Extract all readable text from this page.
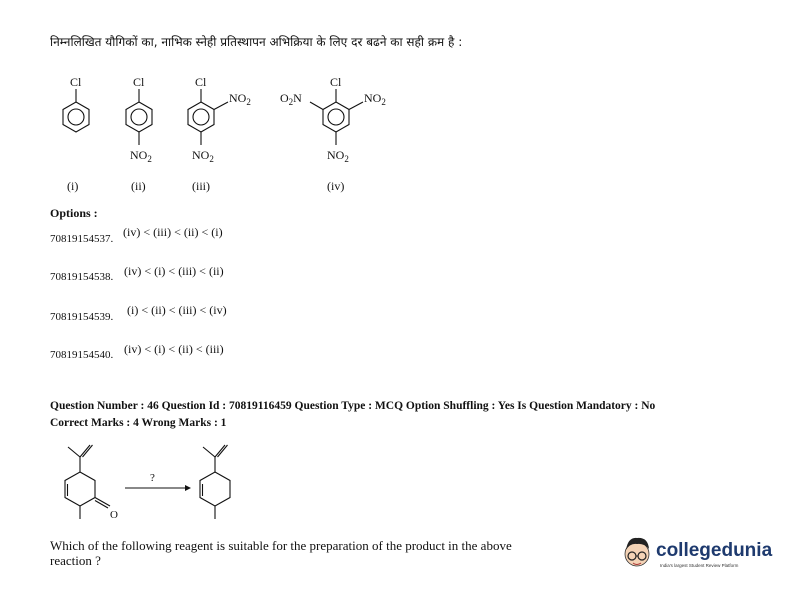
निम्नलिखित यौगिकों का, नाभिक स्नेही प्रतिस्थापन अभिक्रिया के लिए दर बढने का सही क्रम है :
Cl	Cl	Cl	Cl
$NO_2$	$NO_2$	$NO_2$
$NO_2$	$NO_2$
$O_2N$
(i)	(ii)	(iii)	(iv)
Options :
70819154537. (iv) < (iii) < (ii) < (i)
70819154538. (iv) < (i) < (iii) < (ii)
70819154539. (i) < (ii) < (iii) < (iv)
70819154540. (iv) < (i) < (ii) < (iii)
Question Number : 46 Question Id : 70819116459 Question Type : MCQ Option Shuffling : Yes Is Question Mandatory : No
Correct Marks : 4 Wrong Marks : 1
?
O
Which of the following reagent is suitable for the preparation of the product in the above
reaction ?	collegedunia
India's largest Student Review Platform
